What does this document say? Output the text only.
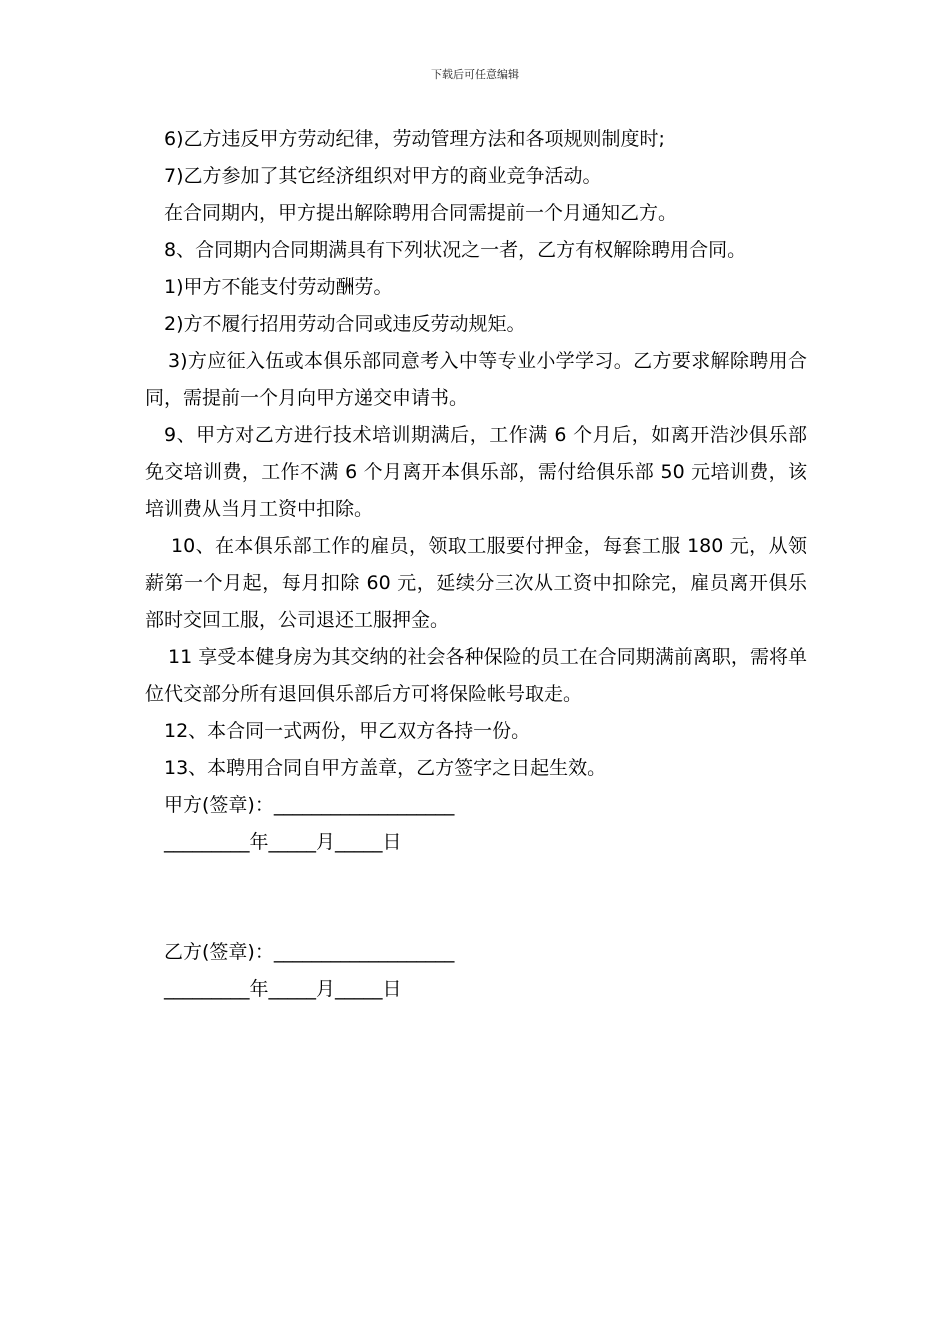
下载后可任意编辑

6)乙方违反甲方劳动纪律，劳动管理方法和各项规则制度时;

7)乙方参加了其它经济组织对甲方的商业竞争活动。

在合同期内，甲方提出解除聘用合同需提前一个月通知乙方。

8、合同期内合同期满具有下列状况之一者，乙方有权解除聘用合同。

1)甲方不能支付劳动酬劳。

2)方不履行招用劳动合同或违反劳动规矩。

3)方应征入伍或本俱乐部同意考入中等专业小学学习。乙方要求解除聘用合同，需提前一个月向甲方递交申请书。

9、甲方对乙方进行技术培训期满后，工作满 6 个月后，如离开浩沙俱乐部免交培训费，工作不满 6 个月离开本俱乐部，需付给俱乐部 50 元培训费，该培训费从当月工资中扣除。

10、在本俱乐部工作的雇员，领取工服要付押金，每套工服 180 元，从领薪第一个月起，每月扣除 60 元，延续分三次从工资中扣除完，雇员离开俱乐部时交回工服，公司退还工服押金。

11 享受本健身房为其交纳的社会各种保险的员工在合同期满前离职，需将单位代交部分所有退回俱乐部后方可将保险帐号取走。

12、本合同一式两份，甲乙双方各持一份。

13、本聘用合同自甲方盖章，乙方签字之日起生效。

甲方(签章)：___________________

_________年_____月_____日

乙方(签章)：___________________

_________年_____月_____日
